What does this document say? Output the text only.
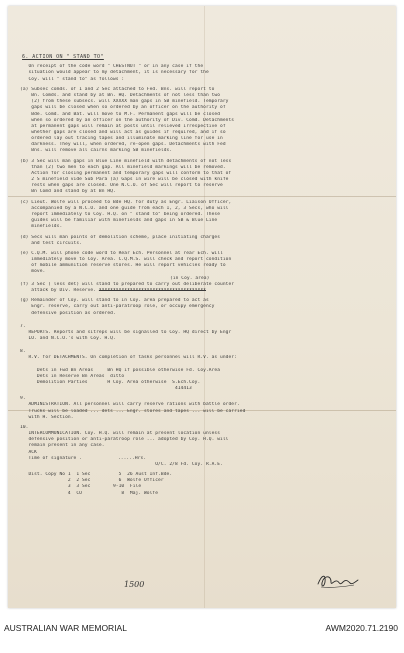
6. ACTION ON " STAND TO"
On receipt of the code word " CHESTNUT " or in any case if the
situation would appear to my detachment, it is necessary for the
Coy. will " stand to" as follows :
(a) Subsec comds. of 1 and 2 Sec attached to Fed. Bns. will report to
Bn. Comds. and stand by at Bn. HQ. Detachments of not less than two
(2) from these subsecs. will XXXXX man gaps in SB minefield. Temporary
gaps will be closed when so ordered by an officer on the authority of
Bde. Comd. and Bat. will move to M.F. Permanent gaps will be closed
when so ordered by an officer on the authority of Div. Comd. Detachments
at permanent gaps will remain at posts until relieved irrespective of
whether gaps are closed and will act as guides if required, and if so
ordered lay out tracing tapes and illuminate marking line for use in
darkness. They will, when ordered, re-open gaps. Detachments with Fed
Bns. will remove all cairns marking SB minefields.
(b) 3 Sec will man gaps in Blue Line minefield with detachments of not less
than (2) two men to each gap. All minefield markings will be removed.
Action for closing permanent and temporary gaps will conform to that of
2 S minefield vide Sub Para (a) Gaps in wire will be closed with knife
rests when gaps are closed. One N.C.O. of Sec will report to reserve
Bn Comd and stand by at Bn HQ.
(c) Lieut. Wolfe will proceed to Bde HQ. for duty as Engr. Liaison Officer,
accompanied by a N.C.O. and one guide from each 1, 2, 3 Secs, who will
report immediately to Coy. H.Q. on " stand to" being ordered. These
guides will be familiar with minefields and gaps in SB & Blue Line
minefields.
(d) Secs will man points of demolition scheme, place initiating charges
and test circuits.
(e) C.Q.M. will phone code word to Rear Ech. Personnel at rear Ech. will
immediately move to Coy. Area. C.Q.M.S. will check and report condition
of mobile ammunition reserve stores. He will report vehicles ready to
move.
(in Coy. area)
(f) 3 Sec ( less det) will stand to prepared to carry out deliberate counter
attack by Div. Reserve. XXXXXXXXXXXXXXXXXXXXXXXXXXXXXXXXXXXXXX
(g) Remainder of Coy. will stand to in Coy. area prepared to act as
Engr. reserve, carry out anti-paratroop role, or occupy emergency
defensive position as ordered.
7.
REPORTS. Reports and sitreps will be signalled to Coy. HQ direct by Engr
LO. and N.C.O.'s with Coy. H.Q.
8.
R.V. for DETACHMENTS. On completion of tasks personnel will R.V. as under:
Dets in Fwd Bn Areas     Bn HQ if possible otherwise Fd. Coy.Area
Dets in Reserve Bn Areas  ditto
Demolition Parties       H Coy. Area otherwise  S.Ech.Coy.
414413
9.
ADMINISTRATION. All personnel will carry reserve rations with battle order.
Trucks will be loaded ... dets ... Engr. stores and tapes ... will be carried
with H. Section.
10.
INTERCOMMUNICATION. Coy. H.Q. will remain at present location unless
defensive position or anti-paratroop role ... adopted by Coy. H.Q. will
remain present in any case.
ACK
Time of signature .	......Hrs.
O/C. 2/8 Fd. Coy. R.A.E.
Dist. Copy No 1  1 Sec          5  26 Aust Inf.Bde.
2  2 Sec          6  Wolfe Officer
3  3 Sec        9-10  File
4  CO              8  Maj. Wolfe
1500
AUSTRALIAN WAR MEMORIAL	AWM2020.71.2190
